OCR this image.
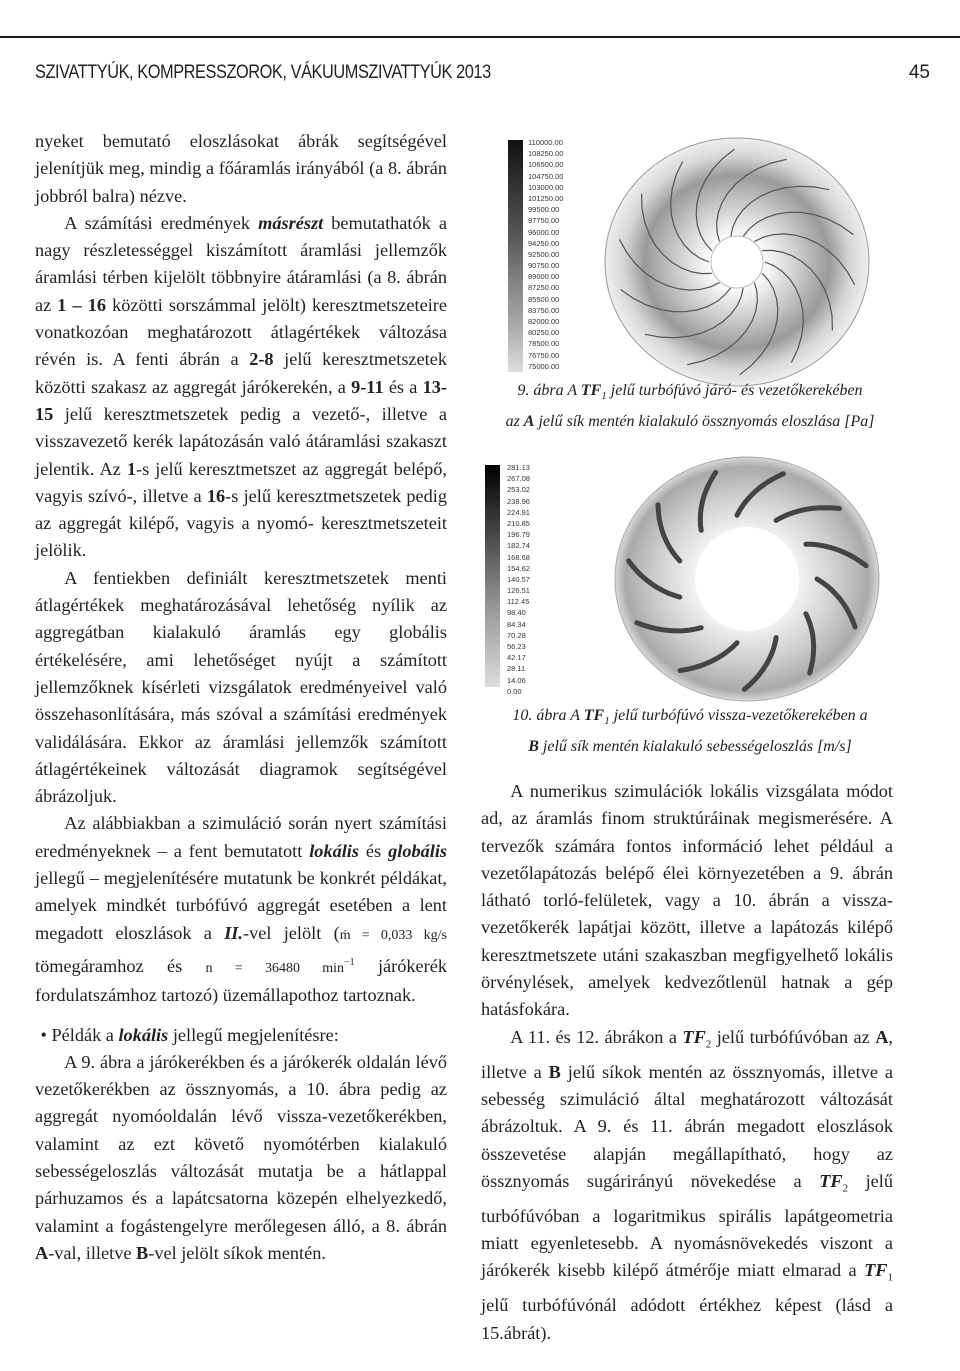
SZIVATTYÚK, KOMPRESSZOROK, VÁKUUMSZIVATTYÚK 2013	45

nyeket bemutató eloszlásokat ábrák segítségével jelenítjük meg, mindig a főáramlás irányából (a 8. ábrán jobbról balra) nézve.

A számítási eredmények másrészt bemutathatók a nagy részletességgel kiszámított áramlási jellemzők áramlási térben kijelölt többnyire átáramlási (a 8. ábrán az 1 – 16 közötti sorszámmal jelölt) keresztmetszeteire vonatkozóan meghatározott átlagértékek változása révén is. A fenti ábrán a 2-8 jelű keresztmetszetek közötti szakasz az aggregát járókerekén, a 9-11 és a 13-15 jelű keresztmetszetek pedig a vezető-, illetve a visszavezető kerék lapátozásán való átáramlási szakaszt jelentik. Az 1-s jelű keresztmetszet az aggregát belépő, vagyis szívó-, illetve a 16-s jelű keresztmetszetek pedig az aggregát kilépő, vagyis a nyomó- keresztmetszeteit jelölik.

A fentiekben definiált keresztmetszetek menti átlagértékek meghatározásával lehetőség nyílik az aggregátban kialakuló áramlás egy globális értékelésére, ami lehetőséget nyújt a számított jellemzőknek kísérleti vizsgálatok eredményeivel való összehasonlítására, más szóval a számítási eredmények validálására. Ekkor az áramlási jellemzők számított átlagértékeinek változását diagramok segítségével ábrázoljuk.

Az alábbiakban a szimuláció során nyert számítási eredményeknek – a fent bemutatott lokális és globális jellegű – megjelenítésére mutatunk be konkrét példákat, amelyek mindkét turbófúvó aggregát esetében a lent megadott eloszlások a II.-vel jelölt (ṁ = 0,033 kg/s tömegáramhoz és n = 36480 $\min^{-1}$ járókerék fordulatszámhoz tartozó) üzemállapothoz tartoznak.

• Példák a lokális jellegű megjelenítésre:

A 9. ábra a járókerékben és a járókerék oldalán lévő vezetőkerékben az össznyomás, a 10. ábra pedig az aggregát nyomóoldalán lévő vissza-vezetőkerékben, valamint az ezt követő nyomótérben kialakuló sebességeloszlás változását mutatja be a hátlappal párhuzamos és a lapátcsatorna közepén elhelyezkedő, valamint a fogástengelyre merőlegesen álló, a 8. ábrán A-val, illetve B-vel jelölt síkok mentén.

110000.00
108250.00
106500.00
104750.00
103000.00
101250.00
99500.00
97750.00
96000.00
94250.00
92500.00
90750.00
89000.00
87250.00
85500.00
83750.00
82000.00
80250.00
78500.00
76750.00
75000.00
9. ábra A $TF_1$ jelű turbófúvó járó- és vezetőkerekében
az A jelű sík mentén kialakuló össznyomás eloszlása [Pa]
281.13
267.08
253.02
238.96
224.91
210.85
196.79
182.74
168.68
154.62
140.57
126.51
112.45
98.40
84.34
70.28
56.23
42.17
28.11
14.06
0.00
10. ábra A $TF_1$ jelű turbófúvó vissza-vezetőkerekében a
B jelű sík mentén kialakuló sebességeloszlás [m/s]

A numerikus szimulációk lokális vizsgálata módot ad, az áramlás finom struktúráinak megismerésére. A tervezők számára fontos információ lehet például a vezetőlapátozás belépő élei környezetében a 9. ábrán látható torló-felületek, vagy a 10. ábrán a vissza-vezetőkerék lapátjai között, illetve a lapátozás kilépő keresztmetszete utáni szakaszban megfigyelhető lokális örvénylések, amelyek kedvezőtlenül hatnak a gép hatásfokára.

A 11. és 12. ábrákon a $TF_2$ jelű turbófúvóban az A, illetve a B jelű síkok mentén az össznyomás, illetve a sebesség szimuláció által meghatározott változását ábrázoltuk. A 9. és 11. ábrán megadott eloszlások összevetése alapján megállapítható, hogy az össznyomás sugárirányú növekedése a $TF_2$ jelű turbófúvóban a logaritmikus spirális lapátgeometria miatt egyenletesebb. A nyomásnövekedés viszont a járókerék kisebb kilépő átmérője miatt elmarad a $TF_1$ jelű turbófúvónál adódott értékhez képest (lásd a 15.ábrát).
